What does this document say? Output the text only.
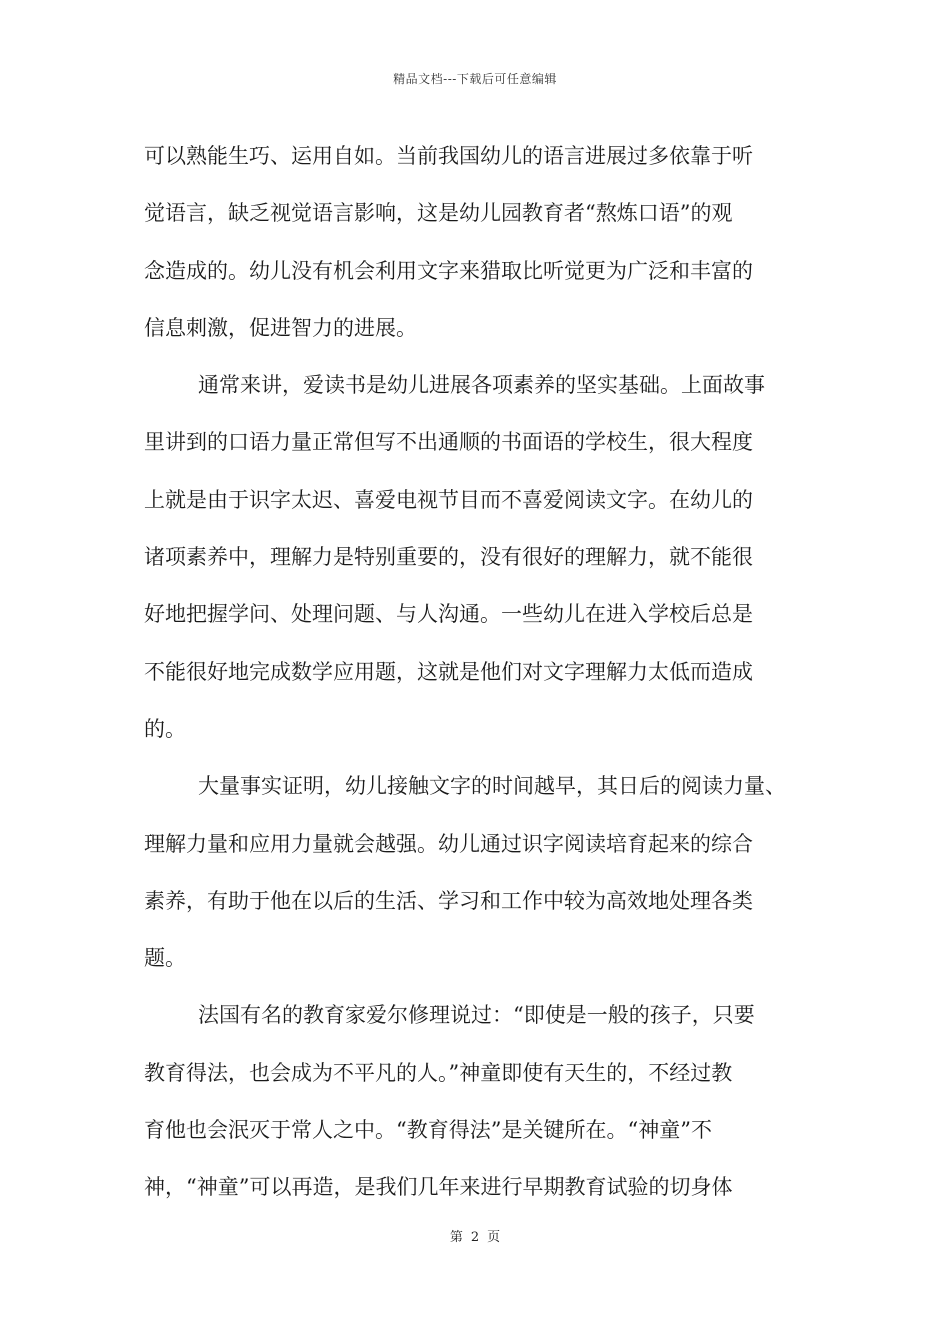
精品文档---下载后可任意编辑
可以熟能生巧、运用自如。当前我国幼儿的语言进展过多依靠于听
觉语言，缺乏视觉语言影响，这是幼儿园教育者“熬炼口语”的观
念造成的。幼儿没有机会利用文字来猎取比听觉更为广泛和丰富的
信息刺激，促进智力的进展。
通常来讲，爱读书是幼儿进展各项素养的坚实基础。上面故事
里讲到的口语力量正常但写不出通顺的书面语的学校生，很大程度
上就是由于识字太迟、喜爱电视节目而不喜爱阅读文字。在幼儿的
诸项素养中，理解力是特别重要的，没有很好的理解力，就不能很
好地把握学问、处理问题、与人沟通。一些幼儿在进入学校后总是
不能很好地完成数学应用题，这就是他们对文字理解力太低而造成
的。
大量事实证明，幼儿接触文字的时间越早，其日后的阅读力量、
理解力量和应用力量就会越强。幼儿通过识字阅读培育起来的综合
素养，有助于他在以后的生活、学习和工作中较为高效地处理各类
题。
法国有名的教育家爱尔修理说过：“即使是一般的孩子，只要
教育得法，也会成为不平凡的人。”神童即使有天生的，不经过教
育他也会泯灭于常人之中。“教育得法”是关键所在。“神童”不
神，“神童”可以再造，是我们几年来进行早期教育试验的切身体
第 2 页
